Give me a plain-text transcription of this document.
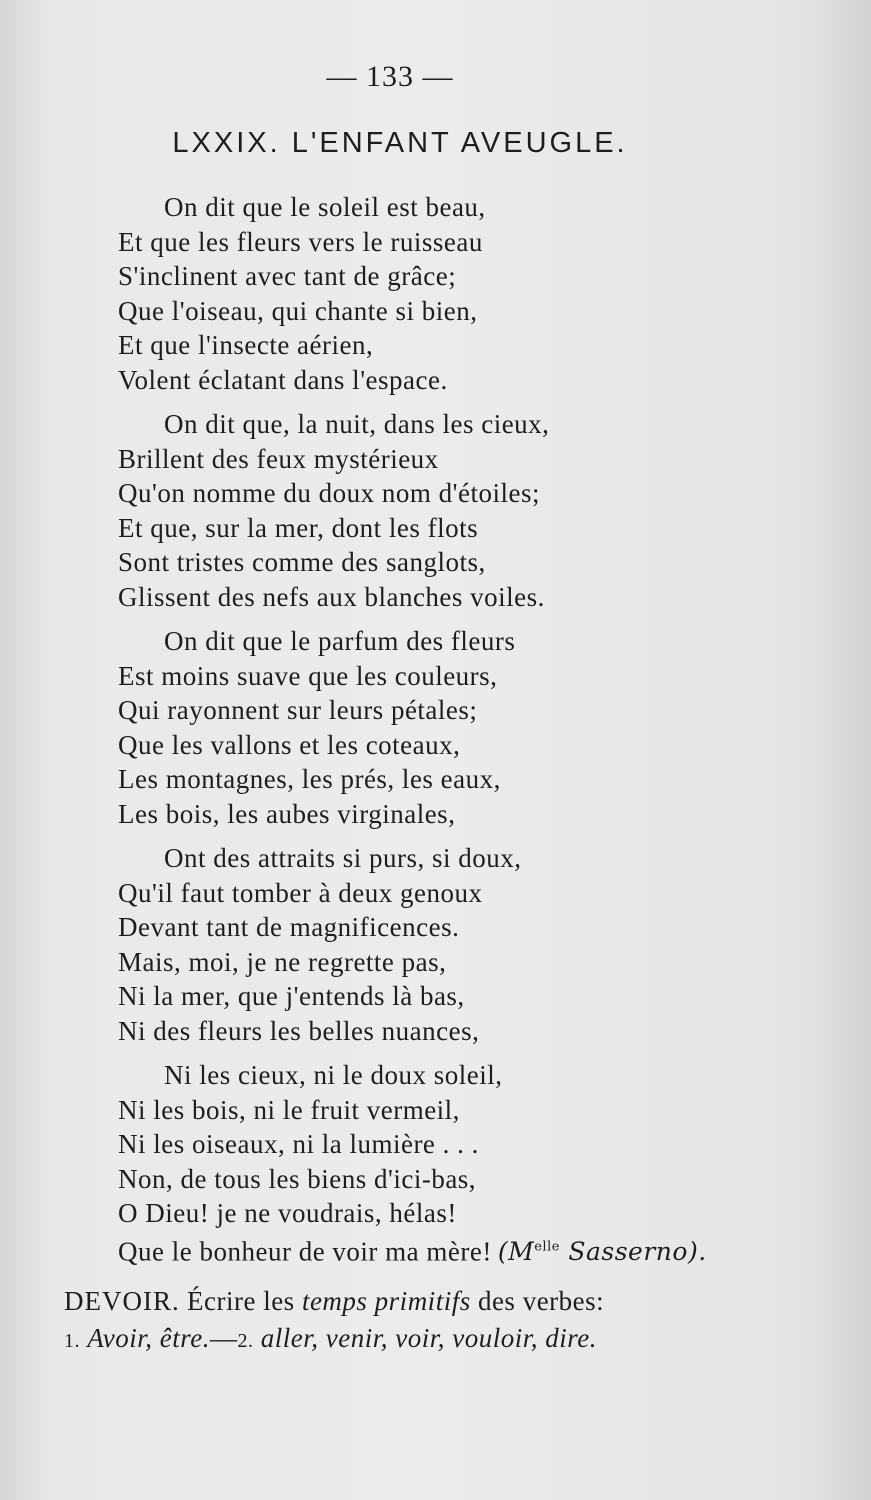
— 133 —
LXXIX. L'ENFANT AVEUGLE.
On dit que le soleil est beau,
Et que les fleurs vers le ruisseau
S'inclinent avec tant de grâce;
Que l'oiseau, qui chante si bien,
Et que l'insecte aérien,
Volent éclatant dans l'espace.
On dit que, la nuit, dans les cieux,
Brillent des feux mystérieux
Qu'on nomme du doux nom d'étoiles;
Et que, sur la mer, dont les flots
Sont tristes comme des sanglots,
Glissent des nefs aux blanches voiles.
On dit que le parfum des fleurs
Est moins suave que les couleurs,
Qui rayonnent sur leurs pétales;
Que les vallons et les coteaux,
Les montagnes, les prés, les eaux,
Les bois, les aubes virginales,
Ont des attraits si purs, si doux,
Qu'il faut tomber à deux genoux
Devant tant de magnificences.
Mais, moi, je ne regrette pas,
Ni la mer, que j'entends là bas,
Ni des fleurs les belles nuances,
Ni les cieux, ni le doux soleil,
Ni les bois, ni le fruit vermeil,
Ni les oiseaux, ni la lumière . . .
Non, de tous les biens d'ici-bas,
O Dieu! je ne voudrais, hélas!
Que le bonheur de voir ma mère! ($M^{elle}$ Sasserno).
DEVOIR. Écrire les temps primitifs des verbes:
1. Avoir, être.—2. aller, venir, voir, vouloir, dire.
